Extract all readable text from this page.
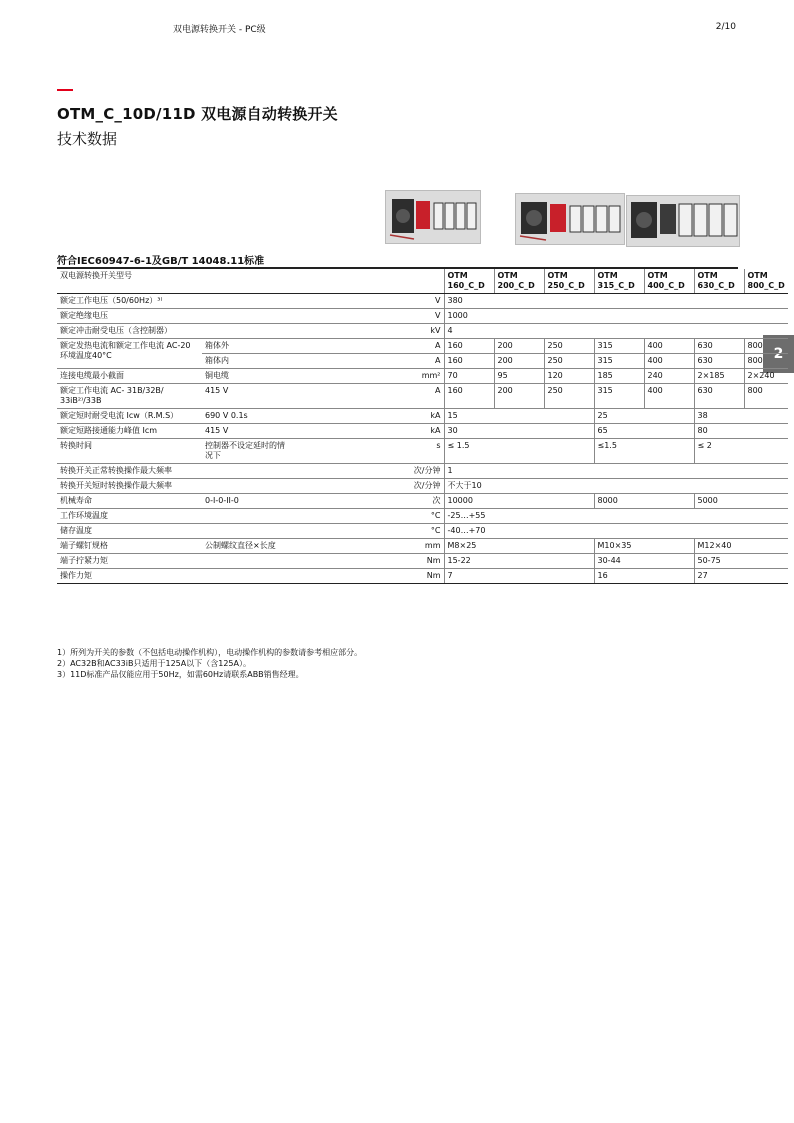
双电源转换开关 - PC级	2/10
OTM_C_10D/11D 双电源自动转换开关
技术数据
2
符合IEC60947-6-1及GB/T 14048.11标准
双电源转换开关型号				OTM 160_C_D	OTM 200_C_D	OTM 250_C_D	OTM 315_C_D	OTM 400_C_D	OTM 630_C_D	OTM 800_C_D
额定工作电压（50/60Hz）³⁾			V	380						
额定绝缘电压			V	1000						
额定冲击耐受电压（含控制器）			kV	4						
额定发热电流和额定工作电流 AC-20 环境温度40°C	箱体外		A	160	200	250	315	400	630	800
	箱体内		A	160	200	250	315	400	630	800
连接电缆最小截面	铜电缆		mm²	70	95	120	185	240	2×185	2×240
额定工作电流 AC- 31B/32B/ 33iB²⁾/33B	415 V		A	160	200	250	315	400	630	800
额定短时耐受电流 Icw（R.M.S）	690 V 0.1s		kA	15			25		38	
额定短路接通能力峰值 Icm	415 V		kA	30			65		80	
转换时间	控制器不设定延时的情况下		s	≤ 1.5			≤1.5		≤ 2	
转换开关正常转换操作最大频率			次/分钟	1						
转换开关短时转换操作最大频率			次/分钟	不大于10						
机械寿命	0-I-0-II-0		次	10000			8000		5000	
工作环境温度			°C	-25…+55						
储存温度			°C	-40…+70						
端子螺钉规格	公制螺纹直径×长度		mm	M8×25			M10×35		M12×40	
端子拧紧力矩			Nm	15-22			30-44		50-75	
操作力矩			Nm	7			16		27	
1）所列为开关的参数（不包括电动操作机构），电动操作机构的参数请参考相应部分。
2）AC32B和AC33iB只适用于125A以下（含125A）。
3）11D标准产品仅能应用于50Hz，如需60Hz请联系ABB销售经理。
